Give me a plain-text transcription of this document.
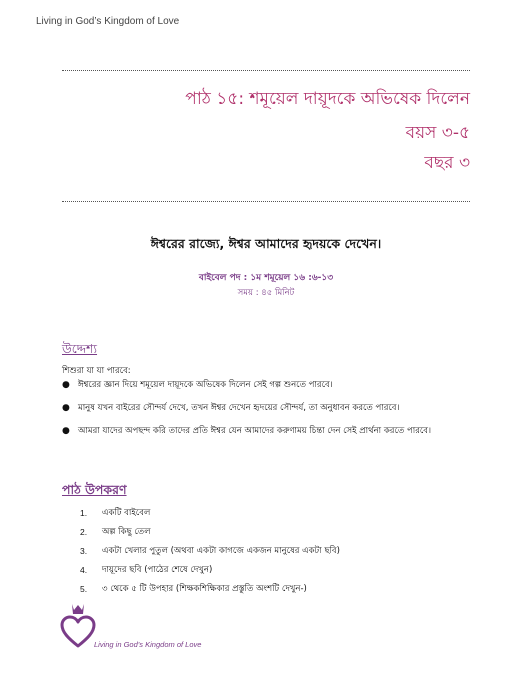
Living in God’s Kingdom of Love
পাঠ ১৫: শমূয়েল দায়ূদকে অভিষেক দিলেন
বয়স ৩-৫
বছর ৩
ঈশ্বরের রাজ্যে, ঈশ্বর আমাদের হৃদয়কে দেখেন।
বাইবেল পদ : ১ম শমূয়েল ১৬ :৬-১৩
সময় : ৪৫ মিনিট
উদ্দেশ্য
শিশুরা যা যা পারবে:
● ঈশ্বরের জ্ঞান দিয়ে শমূয়েল দায়ূদকে অভিষেক দিলেন সেই গল্প শুনতে পারবে।
● মানুষ যখন বাইরের সৌন্দর্য দেখে, তখন ঈশ্বর দেখেন হৃদয়ের সৌন্দর্য, তা অনুধাবন করতে পারবে।
● আমরা যাদের অপছন্দ করি তাদের প্রতি ঈশ্বর যেন আমাদের করুণাময় চিন্তা দেন সেই প্রার্থনা করতে পারবে।
পাঠ উপকরণ
1. একটি বাইবেল
2. অল্প কিছু তেল
3. একটা খেলার পুতুল (অথবা একটা কাগজে একজন মানুষের একটা ছবি)
4. দায়ূদের ছবি (পাঠের শেষে দেখুন)
5. ৩ থেকে ৫ টি উপহার (শিক্ষকশিক্ষিকার প্রস্তুতি অংশটি দেখুন-)
Living in God’s Kingdom of Love
